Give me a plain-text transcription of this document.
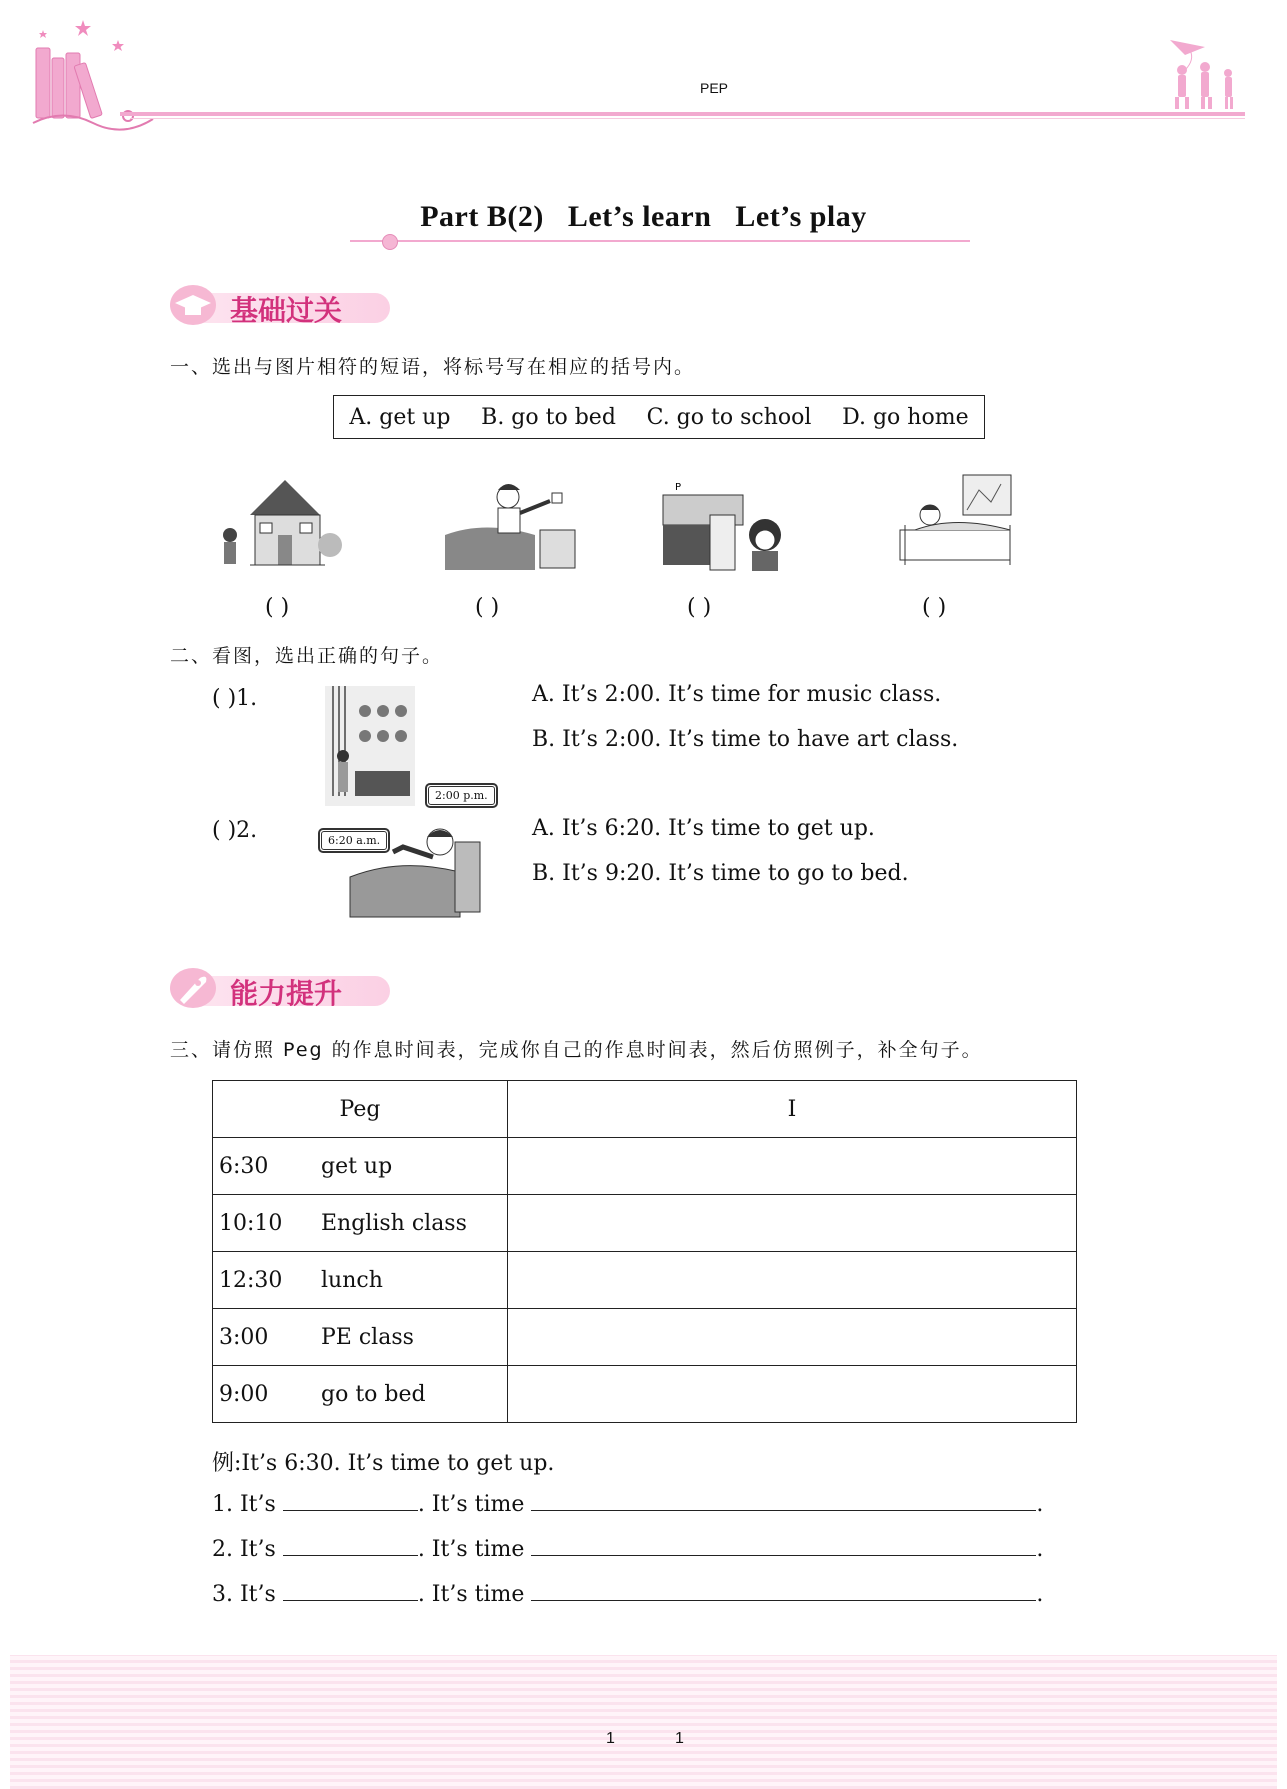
PEP
Part B(2)   Let’s learn   Let’s play
基础过关
一、选出与图片相符的短语，将标号写在相应的括号内。
A. get up B. go to bed C. go to school D. go home
P
( )	( )	( )	( )
二、看图，选出正确的句子。
( )1.
2:00 p.m.
A. It’s 2:00. It’s time for music class.
B. It’s 2:00. It’s time to have art class.
( )2.	6:20 a.m.	A. It’s 6:20. It’s time to get up.
B. It’s 9:20. It’s time to go to bed.
能力提升
三、请仿照 Peg 的作息时间表，完成你自己的作息时间表，然后仿照例子，补全句子。
Peg		I
6:30	get up	
10:10	English class	
12:30	lunch	
3:00	PE class	
9:00	go to bed	
例:It’s 6:30. It’s time to get up.
1. It’s	. It’s time	.
2. It’s	. It’s time	.
3. It’s	. It’s time	.
1	1
